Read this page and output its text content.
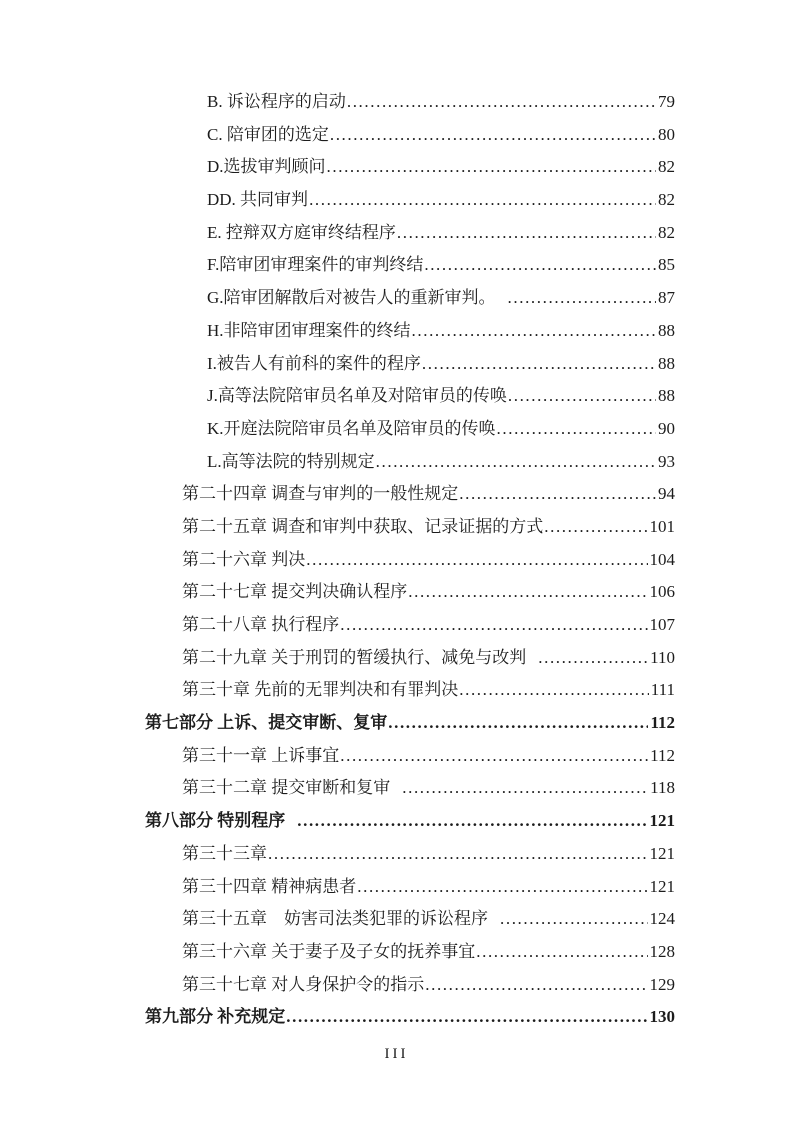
B. 诉讼程序的启动 .....	79
C. 陪审团的选定 .....	80
D.选拔审判顾问 .....	82
DD. 共同审判 .....	82
E. 控辩双方庭审终结程序 .....	82
F.陪审团审理案件的审判终结 .....	85
G.陪审团解散后对被告人的重新审判。 .....	87
H.非陪审团审理案件的终结 .....	88
I.被告人有前科的案件的程序 .....	88
J.高等法院陪审员名单及对陪审员的传唤 .....	88
K.开庭法院陪审员名单及陪审员的传唤 .....	90
L.高等法院的特别规定 .....	93
第二十四章 调查与审判的一般性规定 .....	94
第二十五章 调查和审判中获取、记录证据的方式 .....	101
第二十六章 判决 .....	104
第二十七章 提交判决确认程序 .....	106
第二十八章 执行程序 .....	107
第二十九章 关于刑罚的暂缓执行、减免与改判 .....	110
第三十章 先前的无罪判决和有罪判决 .....	111
第七部分 上诉、提交审断、复审 .....	112
第三十一章 上诉事宜 .....	112
第三十二章 提交审断和复审 .....	118
第八部分 特别程序 .....	121
第三十三章 .....	121
第三十四章 精神病患者 .....	121
第三十五章　妨害司法类犯罪的诉讼程序 .....	124
第三十六章 关于妻子及子女的抚养事宜 .....	128
第三十七章 对人身保护令的指示 .....	129
第九部分 补充规定 .....	130
III
